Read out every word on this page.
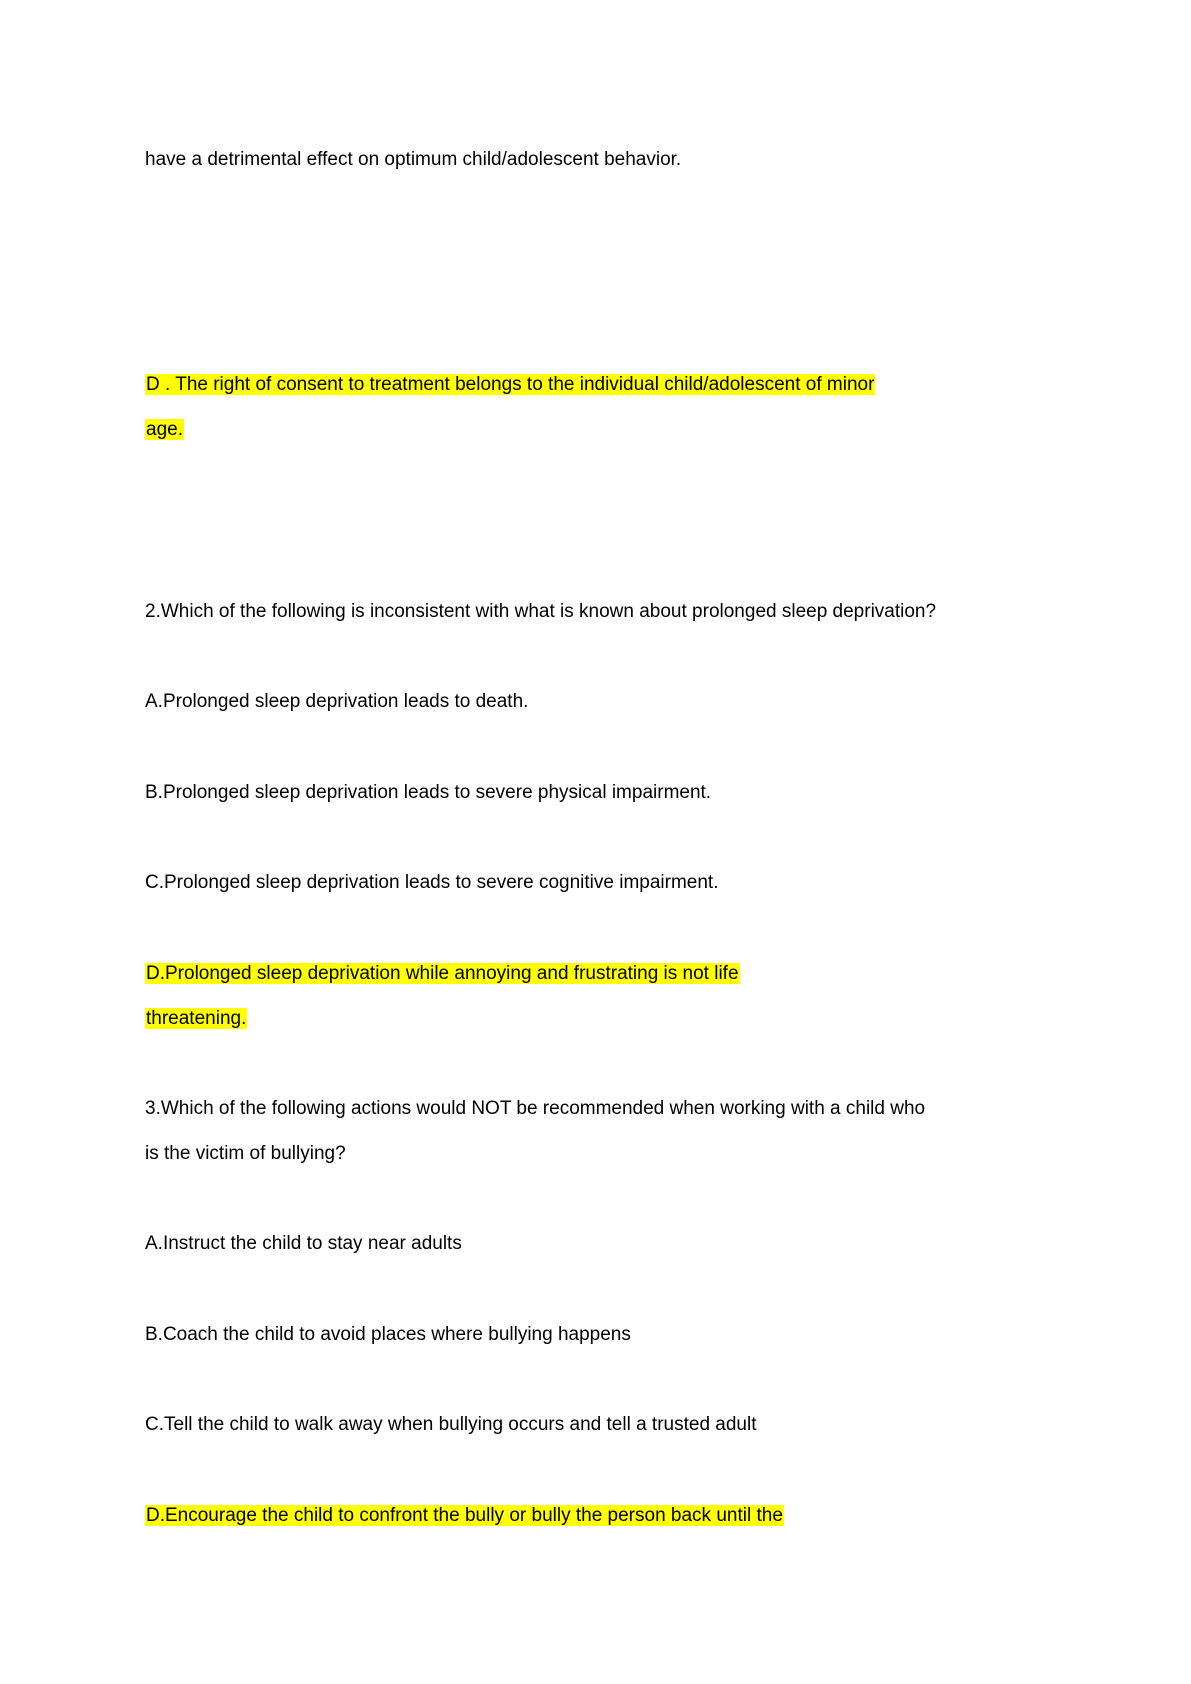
have a detrimental effect on optimum child/adolescent behavior.
D . The right of consent to treatment belongs to the individual child/adolescent of minor
age.
2.Which of the following is inconsistent with what is known about prolonged sleep deprivation?
A.Prolonged sleep deprivation leads to death.
B.Prolonged sleep deprivation leads to severe physical impairment.
C.Prolonged sleep deprivation leads to severe cognitive impairment.
D.Prolonged sleep deprivation while annoying and frustrating is not life
threatening.
3.Which of the following actions would NOT be recommended when working with a child who
is the victim of bullying?
A.Instruct the child to stay near adults
B.Coach the child to avoid places where bullying happens
C.Tell the child to walk away when bullying occurs and tell a trusted adult
D.Encourage the child to confront the bully or bully the person back until the
